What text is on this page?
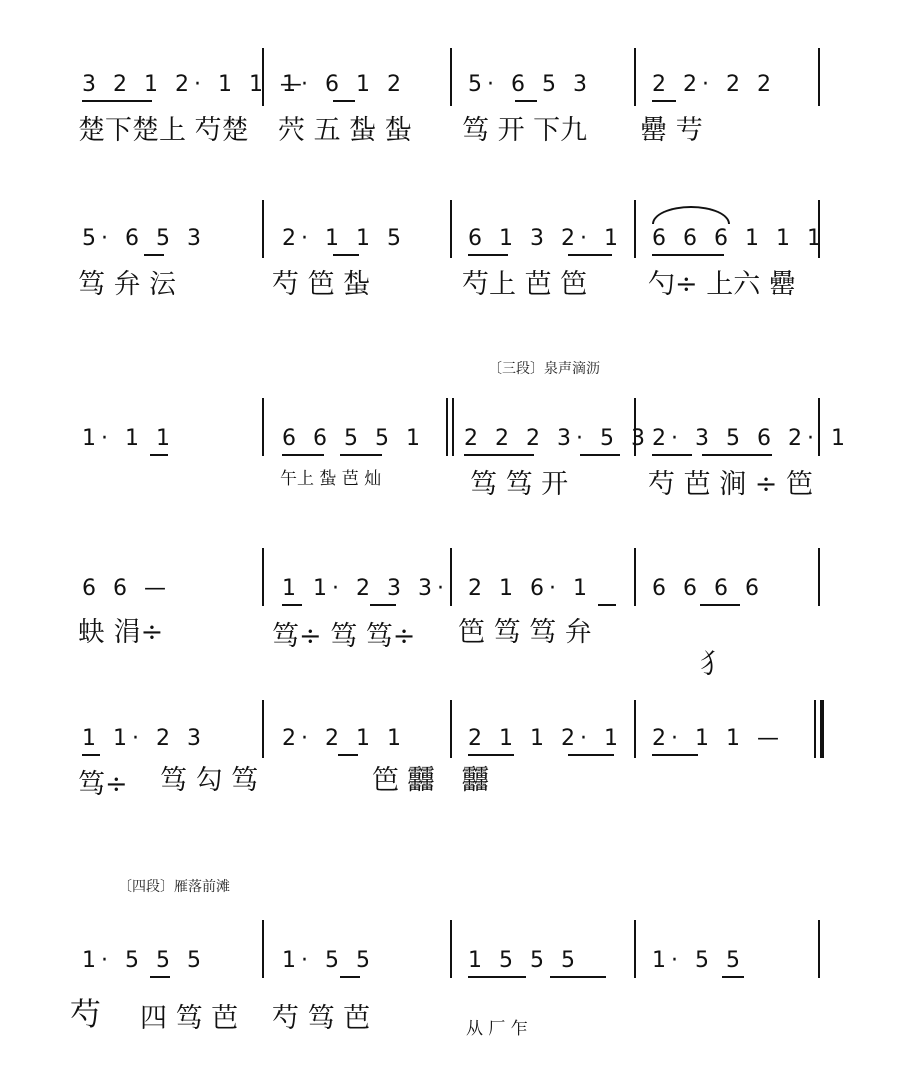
3 2 1 2· 1 1 —
1· 6 1 2	5· 6 5 3	2 2· 2 2
楚下楚上 芍楚 茓 五 蚻 蚻 笃 开 下九 罍 䒓
5· 6 5 3	2· 1 1 5	6 1 3 2· 1 6 6 6 1 1 1
笃 弁 沄	芍 笆 蚻	芍上 芭 笆 勺÷ 上六 罍
〔三段〕泉声滴沥
1· 1 1	6 6 5 5 1 2 2 2 3· 5 3 2· 3 5 6 2· 1
午上 蚻 芭 灿	笃 笃 开	芍 芭 涧 ÷ 笆
6 6 —	1 1· 2 3 3· 2 1 6· 1	6 6 6 6
蚗 涓÷	笃÷ 笃 笃÷ 笆 笃 笃 弁
犭
1 1· 2 3	2· 2 1 1	2 1 1 2· 1 2· 1 1 —
笃÷ 笃 勾 笃	笆 䨻 䨻
〔四段〕雁落前滩
1· 5 5 5	1· 5 5	1 5 5 5	1· 5 5
芍 四 笃 芭 芍 笃 芭	从 厂 乍
